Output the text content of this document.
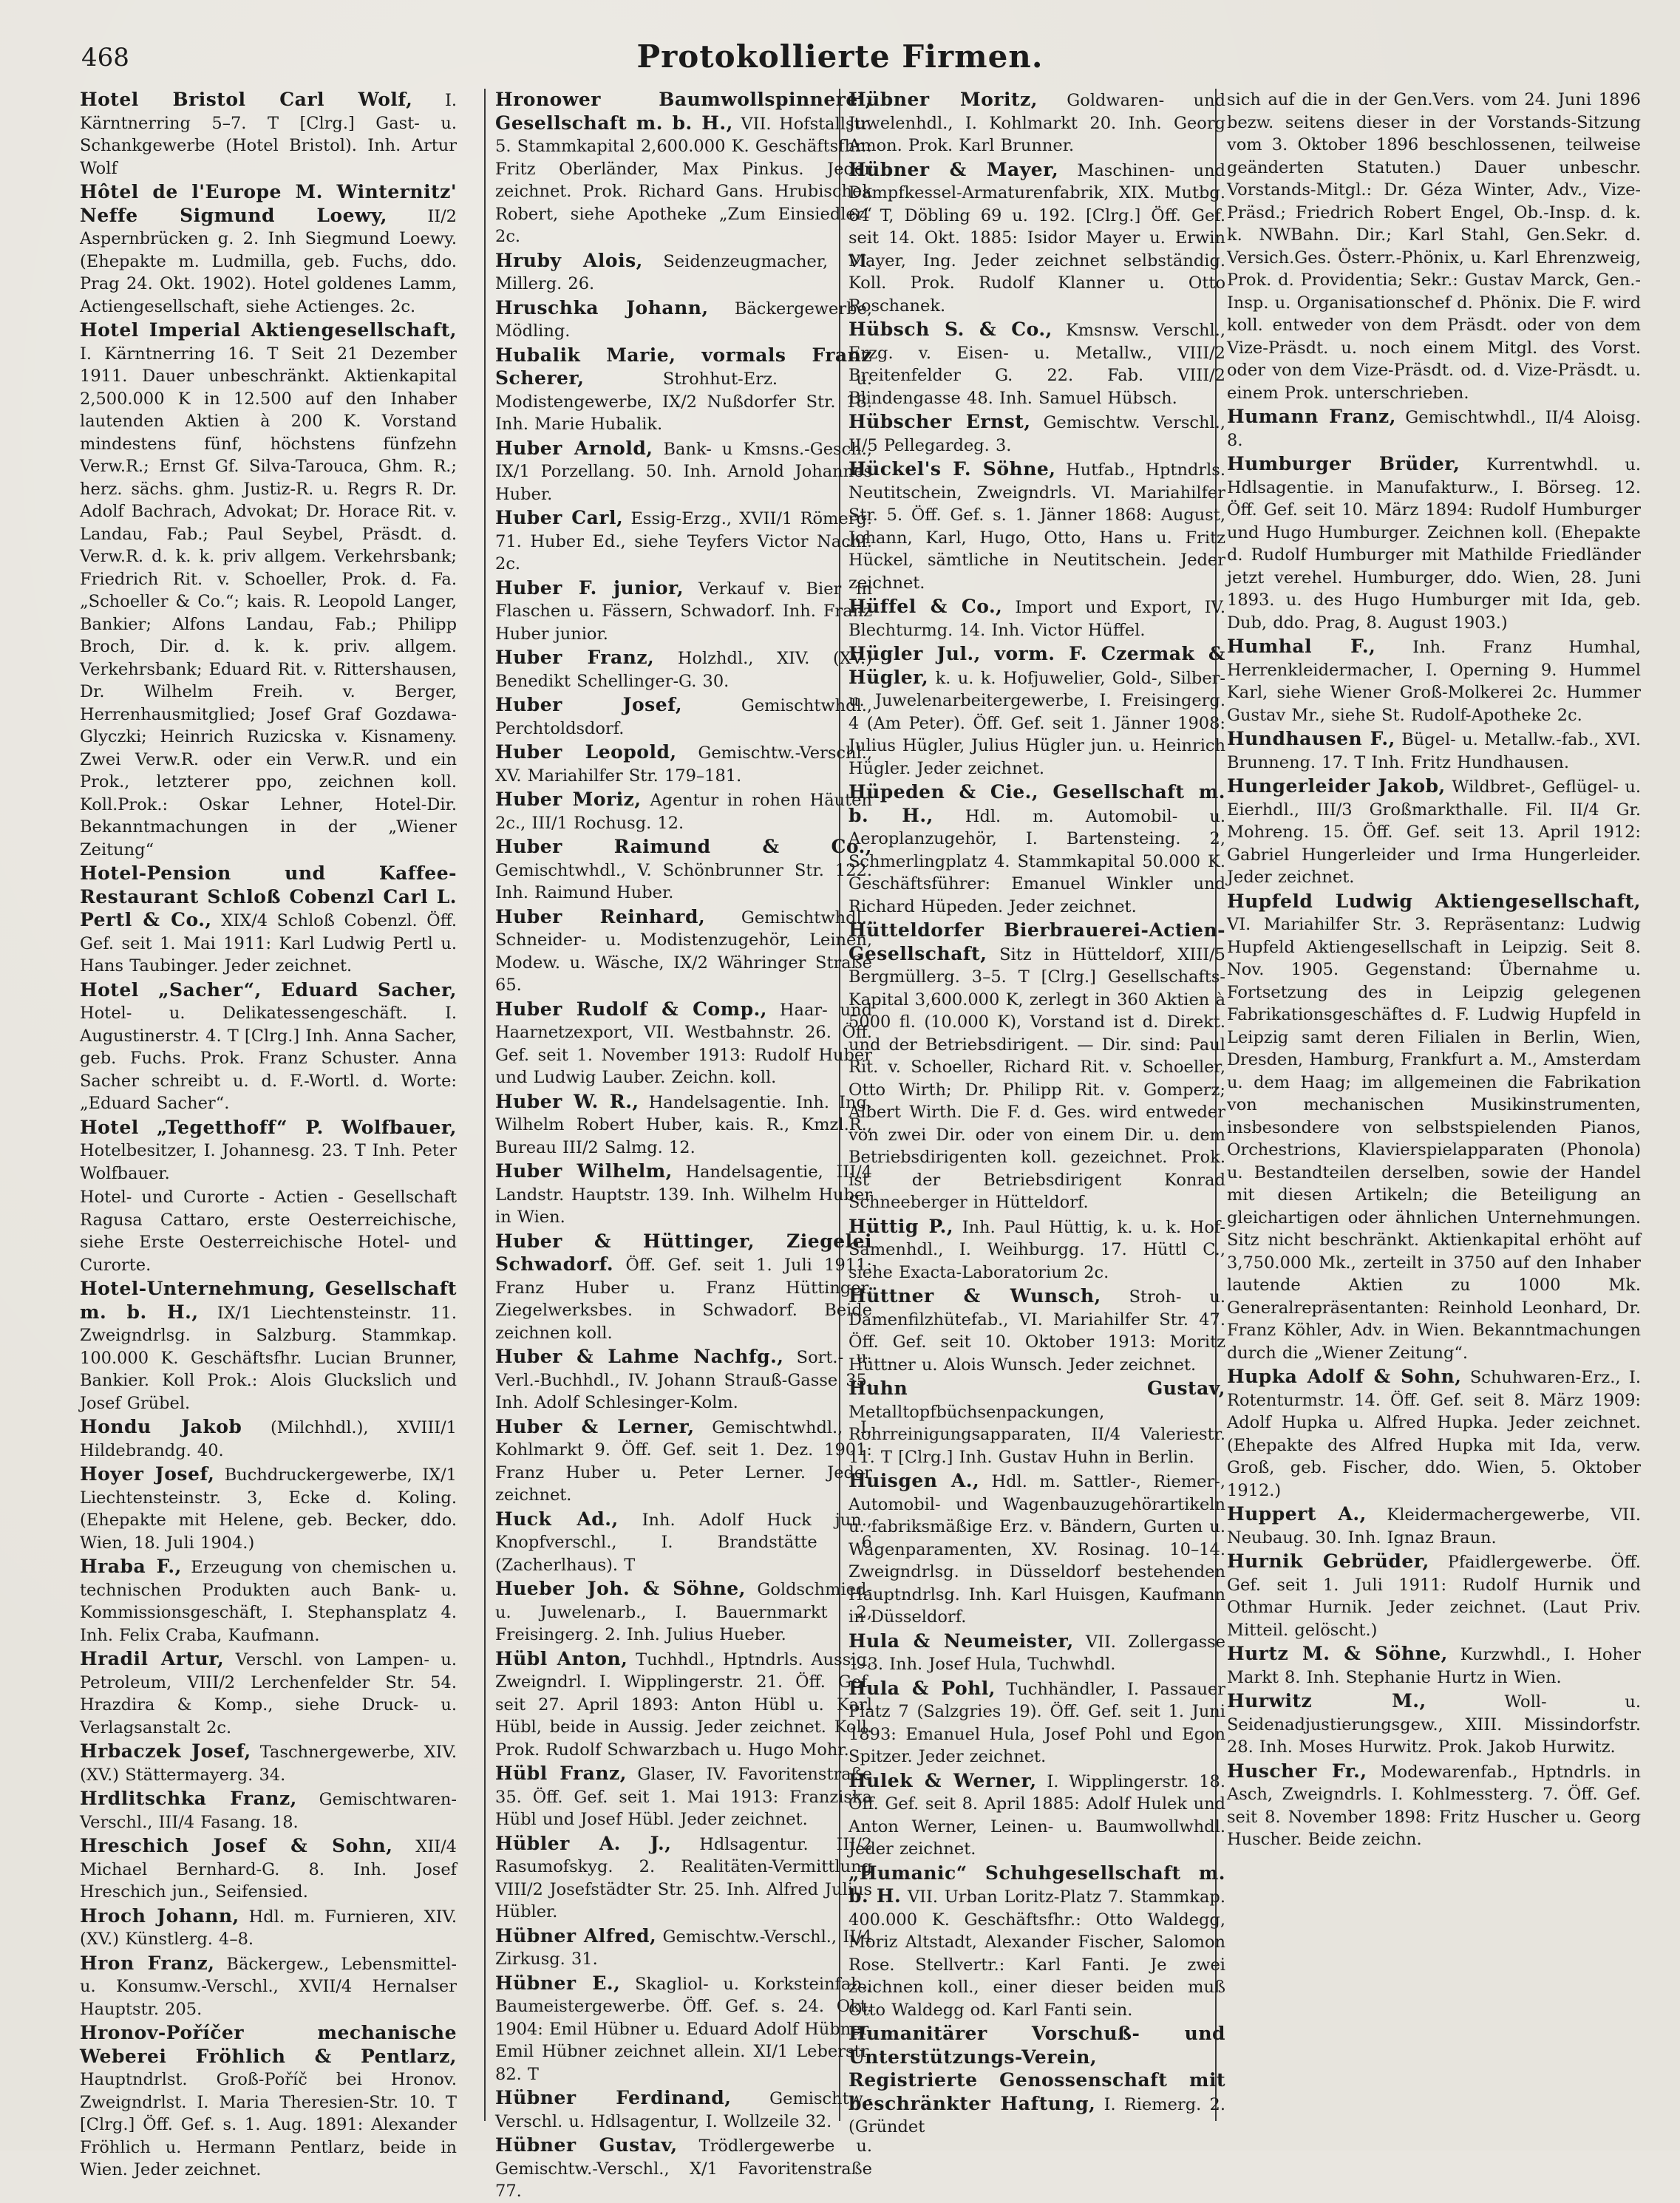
468	Protokollierte Firmen.

Hotel Bristol Carl Wolf, I. Kärntnerring 5–7. T [Clrg.] Gast- u. Schankgewerbe (Hotel Bristol). Inh. Artur Wolf

Hôtel de l'Europe M. Winternitz' Neffe Sigmund Loewy, II/2 Aspernbrücken g. 2. Inh Siegmund Loewy. (Ehepakte m. Ludmilla, geb. Fuchs, ddo. Prag 24. Okt. 1902). Hotel goldenes Lamm, Actiengesellschaft, siehe Actienges. 2c.

Hotel Imperial Aktiengesellschaft, I. Kärntnerring 16. T Seit 21 Dezember 1911. Dauer unbeschränkt. Aktienkapital 2,500.000 K in 12.500 auf den Inhaber lautenden Aktien à 200 K. Vorstand mindestens fünf, höchstens fünfzehn Verw.R.; Ernst Gf. Silva-Tarouca, Ghm. R.; herz. sächs. ghm. Justiz-R. u. Regrs R. Dr. Adolf Bachrach, Advokat; Dr. Horace Rit. v. Landau, Fab.; Paul Seybel, Präsdt. d. Verw.R. d. k. k. priv allgem. Verkehrsbank; Friedrich Rit. v. Schoeller, Prok. d. Fa. „Schoeller & Co.“; kais. R. Leopold Langer, Bankier; Alfons Landau, Fab.; Philipp Broch, Dir. d. k. k. priv. allgem. Verkehrsbank; Eduard Rit. v. Rittershausen, Dr. Wilhelm Freih. v. Berger, Herrenhausmitglied; Josef Graf Gozdawa-Glyczki; Heinrich Ruzicska v. Kisnameny. Zwei Verw.R. oder ein Verw.R. und ein Prok., letzterer ppo, zeichnen koll. Koll.Prok.: Oskar Lehner, Hotel-Dir. Bekanntmachungen in der „Wiener Zeitung“

Hotel-Pension und Kaffee-Restaurant Schloß Cobenzl Carl L. Pertl & Co., XIX/4 Schloß Cobenzl. Öff. Gef. seit 1. Mai 1911: Karl Ludwig Pertl u. Hans Taubinger. Jeder zeichnet.

Hotel „Sacher“, Eduard Sacher, Hotel- u. Delikatessengeschäft. I. Augustinerstr. 4. T [Clrg.] Inh. Anna Sacher, geb. Fuchs. Prok. Franz Schuster. Anna Sacher schreibt u. d. F.-Wortl. d. Worte: „Eduard Sacher“.

Hotel „Tegetthoff“ P. Wolfbauer, Hotelbesitzer, I. Johannesg. 23. T Inh. Peter Wolfbauer.

Hotel- und Curorte - Actien - Gesellschaft Ragusa Cattaro, erste Oesterreichische, siehe Erste Oesterreichische Hotel- und Curorte.

Hotel-Unternehmung, Gesellschaft m. b. H., IX/1 Liechtensteinstr. 11. Zweigndrlsg. in Salzburg. Stammkap. 100.000 K. Geschäftsfhr. Lucian Brunner, Bankier. Koll Prok.: Alois Gluckslich und Josef Grübel.

Hondu Jakob (Milchhdl.), XVIII/1 Hildebrandg. 40.

Hoyer Josef, Buchdruckergewerbe, IX/1 Liechtensteinstr. 3, Ecke d. Koling. (Ehepakte mit Helene, geb. Becker, ddo. Wien, 18. Juli 1904.)

Hraba F., Erzeugung von chemischen u. technischen Produkten auch Bank- u. Kommissionsgeschäft, I. Stephansplatz 4. Inh. Felix Craba, Kaufmann.

Hradil Artur, Verschl. von Lampen- u. Petroleum, VIII/2 Lerchenfelder Str. 54. Hrazdira & Komp., siehe Druck- u. Verlagsanstalt 2c.

Hrbaczek Josef, Taschnergewerbe, XIV. (XV.) Stättermayerg. 34.

Hrdlitschka Franz, Gemischtwaren-Verschl., III/4 Fasang. 18.

Hreschich Josef & Sohn, XII/4 Michael Bernhard-G. 8. Inh. Josef Hreschich jun., Seifensied.

Hroch Johann, Hdl. m. Furnieren, XIV. (XV.) Künstlerg. 4–8.

Hron Franz, Bäckergew., Lebensmittel- u. Konsumw.-Verschl., XVII/4 Hernalser Hauptstr. 205.

Hronov-Poříčer mechanische Weberei Fröhlich & Pentlarz, Hauptndrlst. Groß-Poříč bei Hronov. Zweigndrlst. I. Maria Theresien-Str. 10. T [Clrg.] Öff. Gef. s. 1. Aug. 1891: Alexander Fröhlich u. Hermann Pentlarz, beide in Wien. Jeder zeichnet.

Hronower Baumwollspinnerei, Gesellschaft m. b. H., VII. Hofstallstr. 5. Stammkapital 2,600.000 K. Geschäftsfhr.: Fritz Oberländer, Max Pinkus. Jeder zeichnet. Prok. Richard Gans. Hrubischek Robert, siehe Apotheke „Zum Einsiedler“ 2c.

Hruby Alois, Seidenzeugmacher, VI. Millerg. 26.

Hruschka Johann, Bäckergewerbe, Mödling.

Hubalik Marie, vormals Franz Scherer,	Strohhut-Erz. u. Modistengewerbe, IX/2 Nußdorfer Str. 18. Inh. Marie Hubalik.

Huber Arnold, Bank- u Kmsns.-Gesch., IX/1 Porzellang. 50. Inh. Arnold Johannes Huber.

Huber Carl, Essig-Erzg., XVII/1 Römerg. 71. Huber Ed., siehe Teyfers Victor Nachf. 2c.

Huber F. junior, Verkauf v. Bier in Flaschen u. Fässern, Schwadorf. Inh. Franz Huber junior.

Huber Franz, Holzhdl., XIV. (XV.) Benedikt Schellinger-G. 30.

Huber Josef,	Gemischtwhdl., Perchtoldsdorf.

Huber Leopold, Gemischtw.-Verschl., XV. Mariahilfer Str. 179–181.

Huber Moriz, Agentur in rohen Häuten 2c., III/1 Rochusg. 12.

Huber Raimund & Co., Gemischtwhdl., V. Schönbrunner Str. 122. Inh. Raimund Huber.

Huber Reinhard, Gemischtwhdl., Schneider- u. Modistenzugehör, Leinen, Modew. u. Wäsche, IX/2 Währinger Straße 65.

Huber Rudolf & Comp., Haar- und Haarnetzexport, VII. Westbahnstr. 26. Öff. Gef. seit 1. November 1913: Rudolf Huber und Ludwig Lauber. Zeichn. koll.

Huber W. R., Handelsagentie. Inh. Ing. Wilhelm Robert Huber, kais. R., Kmzl.R., Bureau III/2 Salmg. 12.

Huber Wilhelm, Handelsagentie, III/4 Landstr. Hauptstr. 139. Inh. Wilhelm Huber in Wien.

Huber & Hüttinger, Ziegelei Schwadorf. Öff. Gef. seit 1. Juli 1911: Franz Huber u. Franz Hüttinger, Ziegelwerksbes. in Schwadorf. Beide zeichnen koll.

Huber & Lahme Nachfg., Sort.- u. Verl.-Buchhdl., IV. Johann Strauß-Gasse 35. Inh. Adolf Schlesinger-Kolm.

Huber & Lerner, Gemischtwhdl., I. Kohlmarkt 9. Öff. Gef. seit 1. Dez. 1901: Franz Huber u. Peter Lerner. Jeder zeichnet.

Huck Ad., Inh. Adolf Huck jun., Knopfverschl., I. Brandstätte 6 (Zacherlhaus). T

Hueber Joh. & Söhne, Goldschmied- u. Juwelenarb., I. Bauernmarkt 2, Freisingerg. 2. Inh. Julius Hueber.

Hübl Anton, Tuchhdl., Hptndrls. Aussig, Zweigndrl. I. Wipplingerstr. 21. Öff. Gef. seit 27. April 1893: Anton Hübl u. Karl Hübl, beide in Aussig. Jeder zeichnet. Koll. Prok. Rudolf Schwarzbach u. Hugo Mohr.

Hübl Franz, Glaser, IV. Favoritenstraße 35. Öff. Gef. seit 1. Mai 1913: Franziska Hübl und Josef Hübl. Jeder zeichnet.

Hübler A. J., Hdlsagentur. III/2 Rasumofskyg. 2. Realitäten-Vermittlung VIII/2 Josefstädter Str. 25. Inh. Alfred Julius Hübler.

Hübner Alfred, Gemischtw.-Verschl., II/4 Zirkusg. 31.

Hübner E., Skagliol- u. Korksteinfab., Baumeistergewerbe. Öff. Gef. s. 24. Okt. 1904: Emil Hübner u. Eduard Adolf Hübner. Emil Hübner zeichnet allein. XI/1 Leberstr. 82. T

Hübner Ferdinand, Gemischtw.-Verschl. u. Hdlsagentur, I. Wollzeile 32.

Hübner Gustav, Trödlergewerbe u. Gemischtw.-Verschl., X/1 Favoritenstraße 77.

Hübner Moritz, Goldwaren- und Juwelenhdl., I. Kohlmarkt 20. Inh. Georg Amon. Prok. Karl Brunner.

Hübner & Mayer, Maschinen- und Dampfkessel-Armaturenfabrik, XIX. Mutbg. 64 T, Döbling 69 u. 192. [Clrg.] Öff. Gef. seit 14. Okt. 1885: Isidor Mayer u. Erwin Mayer, Ing. Jeder zeichnet selbständig. Koll. Prok. Rudolf Klanner u. Otto Roschanek.

Hübsch S. & Co., Kmsnsw. Verschl., Erzg. v. Eisen- u. Metallw., VIII/2 Breitenfelder G. 22. Fab. VIII/2 Blindengasse 48. Inh. Samuel Hübsch.

Hübscher Ernst, Gemischtw. Verschl., II/5 Pellegardeg. 3.

Hückel's F. Söhne, Hutfab., Hptndrls. Neutitschein, Zweigndrls. VI. Mariahilfer Str. 5. Öff. Gef. s. 1. Jänner 1868: August, Johann, Karl, Hugo, Otto, Hans u. Fritz Hückel, sämtliche in Neutitschein. Jeder zeichnet.

Hüffel & Co., Import und Export, IV. Blechturmg. 14. Inh. Victor Hüffel.

Hügler Jul., vorm. F. Czermak & Hügler, k. u. k. Hofjuwelier, Gold-, Silber- u. Juwelenarbeitergewerbe, I. Freisingerg. 4 (Am Peter). Öff. Gef. seit 1. Jänner 1908: Julius Hügler, Julius Hügler jun. u. Heinrich Hügler. Jeder zeichnet.

Hüpeden & Cie., Gesellschaft m. b. H., Hdl. m. Automobil- u. Aeroplanzugehör, I. Bartensteing. 2, Schmerlingplatz 4. Stammkapital 50.000 K. Geschäftsführer: Emanuel Winkler und Richard Hüpeden. Jeder zeichnet.

Hütteldorfer Bierbrauerei-Actien-Gesellschaft, Sitz in Hütteldorf, XIII/5 Bergmüllerg. 3–5. T [Clrg.] Gesellschafts-Kapital 3,600.000 K, zerlegt in 360 Aktien à 5000 fl. (10.000 K), Vorstand ist d. Direkt. und der Betriebsdirigent. — Dir. sind: Paul Rit. v. Schoeller, Richard Rit. v. Schoeller, Otto Wirth; Dr. Philipp Rit. v. Gomperz; Albert Wirth. Die F. d. Ges. wird entweder von zwei Dir. oder von einem Dir. u. dem Betriebsdirigenten koll. gezeichnet. Prok. ist der Betriebsdirigent Konrad Schneeberger in Hütteldorf.

Hüttig P., Inh. Paul Hüttig, k. u. k. Hof-Samenhdl., I. Weihburgg. 17. Hüttl C., siehe Exacta-Laboratorium 2c.

Hüttner & Wunsch, Stroh- u. Damenfilzhütefab., VI. Mariahilfer Str. 47. Öff. Gef. seit 10. Oktober 1913: Moritz Hüttner u. Alois Wunsch. Jeder zeichnet.

Huhn Gustav, Metalltopfbüchsenpackungen, Rohrreinigungsapparaten, II/4 Valeriestr. 11. T [Clrg.] Inh. Gustav Huhn in Berlin.

Huisgen A., Hdl. m. Sattler-, Riemer-, Automobil- und Wagenbauzugehörartikeln u. fabriksmäßige Erz. v. Bändern, Gurten u. Wagenparamenten, XV. Rosinag. 10–14. Zweigndrlsg. in Düsseldorf bestehenden Hauptndrlsg. Inh. Karl Huisgen, Kaufmann in Düsseldorf.

Hula & Neumeister, VII. Zollergasse 1–3. Inh. Josef Hula, Tuchwhdl.

Hula & Pohl, Tuchhändler, I. Passauer Platz 7 (Salzgries 19). Öff. Gef. seit 1. Juni 1893: Emanuel Hula, Josef Pohl und Egon Spitzer. Jeder zeichnet.

Hulek & Werner, I. Wipplingerstr. 18. Öff. Gef. seit 8. April 1885: Adolf Hulek und Anton Werner, Leinen- u. Baumwollwhdl. Jeder zeichnet.

„Humanic“ Schuhgesellschaft m. b. H. VII. Urban Loritz-Platz 7. Stammkap. 400.000 K. Geschäftsfhr.: Otto Waldegg, Moriz Altstadt, Alexander Fischer, Salomon Rose. Stellvertr.: Karl Fanti. Je zwei zeichnen koll., einer dieser beiden muß Otto Waldegg od. Karl Fanti sein.

Humanitärer Vorschuß- und Unterstützungs-Verein, Registrierte Genossenschaft mit beschränkter Haftung, I. Riemerg. 2. (Gründet

sich auf die in der Gen.Vers. vom 24. Juni 1896 bezw. seitens dieser in der Vorstands-Sitzung vom 3. Oktober 1896 beschlossenen, teilweise geänderten Statuten.) Dauer unbeschr. Vorstands-Mitgl.: Dr. Géza Winter, Adv., Vize-Präsd.; Friedrich Robert Engel, Ob.-Insp. d. k. k. NWBahn. Dir.; Karl Stahl, Gen.Sekr. d. Versich.Ges. Österr.-Phönix, u. Karl Ehrenzweig, Prok. d. Providentia; Sekr.: Gustav Marck, Gen.-Insp. u. Organisationschef d. Phönix. Die F. wird koll. entweder von dem Präsdt. oder von dem Vize-Präsdt. u. noch einem Mitgl. des Vorst. oder von dem Vize-Präsdt. od. d. Vize-Präsdt. u. einem Prok. unterschrieben.

Humann Franz, Gemischtwhdl., II/4 Aloisg. 8.

Humburger Brüder, Kurrentwhdl. u. Hdlsagentie. in Manufakturw., I. Börseg. 12. Öff. Gef. seit 10. März 1894: Rudolf Humburger und Hugo Humburger. Zeichnen koll. (Ehepakte d. Rudolf Humburger mit Mathilde Friedländer jetzt verehel. Humburger, ddo. Wien, 28. Juni 1893. u. des Hugo Humburger mit Ida, geb. Dub, ddo. Prag, 8. August 1903.)

Humhal F., Inh. Franz Humhal, Herrenkleidermacher, I. Operning 9. Hummel Karl, siehe Wiener Groß-Molkerei 2c. Hummer Gustav Mr., siehe St. Rudolf-Apotheke 2c.

Hundhausen F., Bügel- u. Metallw.-fab., XVI. Brunneng. 17. T Inh. Fritz Hundhausen.

Hungerleider Jakob, Wildbret-, Geflügel- u. Eierhdl., III/3 Großmarkthalle. Fil. II/4 Gr. Mohreng. 15. Öff. Gef. seit 13. April 1912: Gabriel Hungerleider und Irma Hungerleider. Jeder zeichnet.

Hupfeld Ludwig Aktiengesellschaft, VI. Mariahilfer Str. 3. Repräsentanz: Ludwig Hupfeld Aktiengesellschaft in Leipzig. Seit 8. Nov. 1905. Gegenstand: Übernahme u. Fortsetzung des in Leipzig gelegenen Fabrikationsgeschäftes d. F. Ludwig Hupfeld in Leipzig samt deren Filialen in Berlin, Wien, Dresden, Hamburg, Frankfurt a. M., Amsterdam u. dem Haag; im allgemeinen die Fabrikation von mechanischen Musikinstrumenten, insbesondere von selbstspielenden Pianos, Orchestrions, Klavierspielapparaten (Phonola) u. Bestandteilen derselben, sowie der Handel mit diesen Artikeln; die Beteiligung an gleichartigen oder ähnlichen Unternehmungen. Sitz nicht beschränkt. Aktienkapital erhöht auf 3,750.000 Mk., zerteilt in 3750 auf den Inhaber lautende Aktien zu 1000 Mk. Generalrepräsentanten: Reinhold Leonhard, Dr. Franz Köhler, Adv. in Wien. Bekanntmachungen durch die „Wiener Zeitung“.

Hupka Adolf & Sohn, Schuhwaren-Erz., I. Rotenturmstr. 14. Öff. Gef. seit 8. März 1909: Adolf Hupka u. Alfred Hupka. Jeder zeichnet. (Ehepakte des Alfred Hupka mit Ida, verw. Groß, geb. Fischer, ddo. Wien, 5. Oktober 1912.)

Huppert A., Kleidermachergewerbe, VII. Neubaug. 30. Inh. Ignaz Braun.

Hurnik Gebrüder, Pfaidlergewerbe. Öff. Gef. seit 1. Juli 1911: Rudolf Hurnik und Othmar Hurnik. Jeder zeichnet. (Laut Priv. Mitteil. gelöscht.)

Hurtz M. & Söhne, Kurzwhdl., I. Hoher Markt 8. Inh. Stephanie Hurtz in Wien.

Hurwitz M.,	Woll- u. Seidenadjustierungsgew., XIII. Missindorfstr. 28. Inh. Moses Hurwitz. Prok. Jakob Hurwitz.

Huscher Fr., Modewarenfab., Hptndrls. in Asch, Zweigndrls. I. Kohlmessterg. 7. Öff. Gef. seit 8. November 1898: Fritz Huscher u. Georg Huscher. Beide zeichn.
